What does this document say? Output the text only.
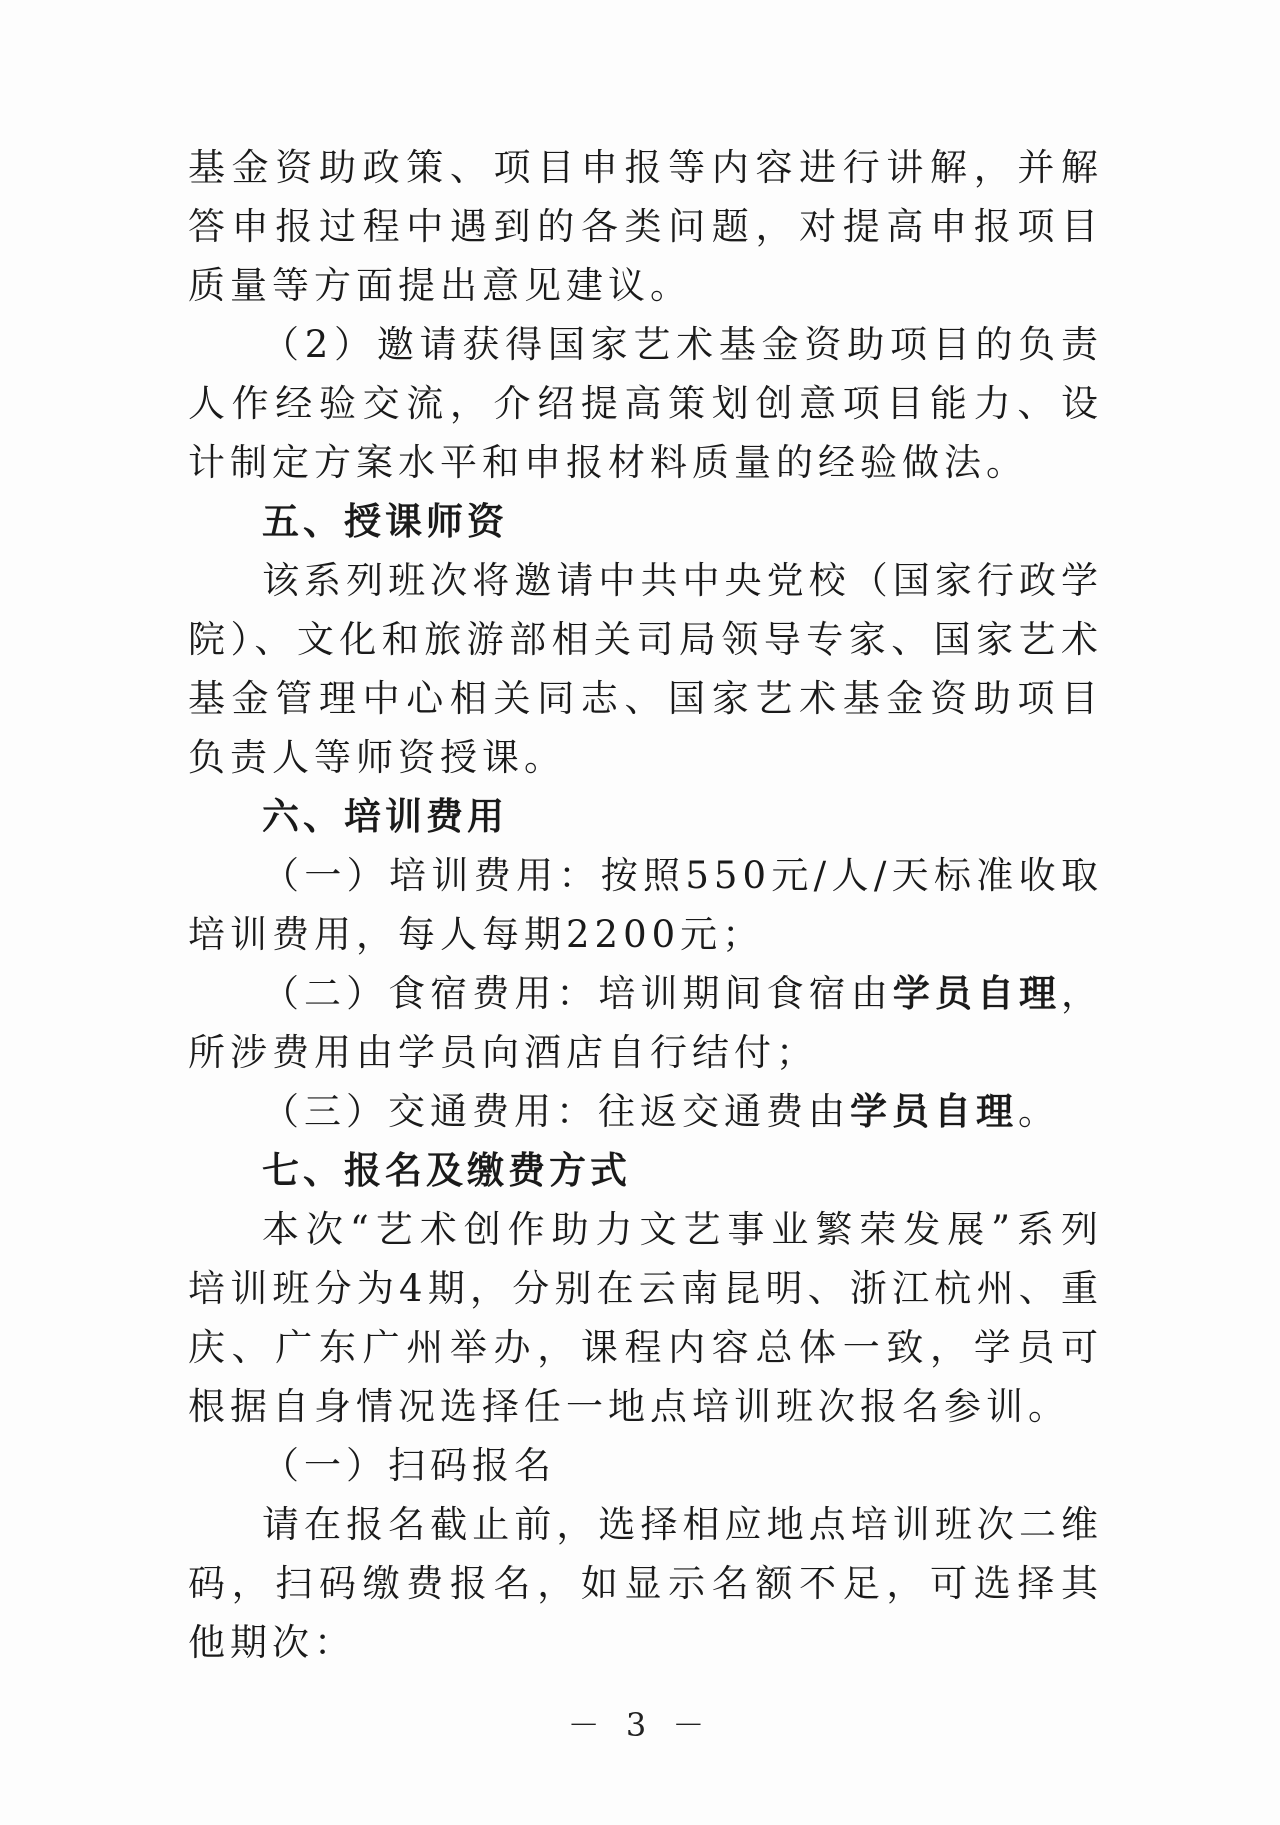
基金资助政策、项目申报等内容进行讲解，并解答申报过程中遇到的各类问题，对提高申报项目质量等方面提出意见建议。

（2）邀请获得国家艺术基金资助项目的负责人作经验交流，介绍提高策划创意项目能力、设计制定方案水平和申报材料质量的经验做法。

五、授课师资

该系列班次将邀请中共中央党校（国家行政学院）、文化和旅游部相关司局领导专家、国家艺术基金管理中心相关同志、国家艺术基金资助项目负责人等师资授课。

六、培训费用

（一）培训费用：按照550元/人/天标准收取培训费用，每人每期2200元；

（二）食宿费用：培训期间食宿由学员自理，所涉费用由学员向酒店自行结付；

（三）交通费用：往返交通费由学员自理。

七、报名及缴费方式

本次“艺术创作助力文艺事业繁荣发展”系列培训班分为4期，分别在云南昆明、浙江杭州、重庆、广东广州举办，课程内容总体一致，学员可根据自身情况选择任一地点培训班次报名参训。

（一）扫码报名

请在报名截止前，选择相应地点培训班次二维码，扫码缴费报名，如显示名额不足，可选择其他期次：

－ 3 －
